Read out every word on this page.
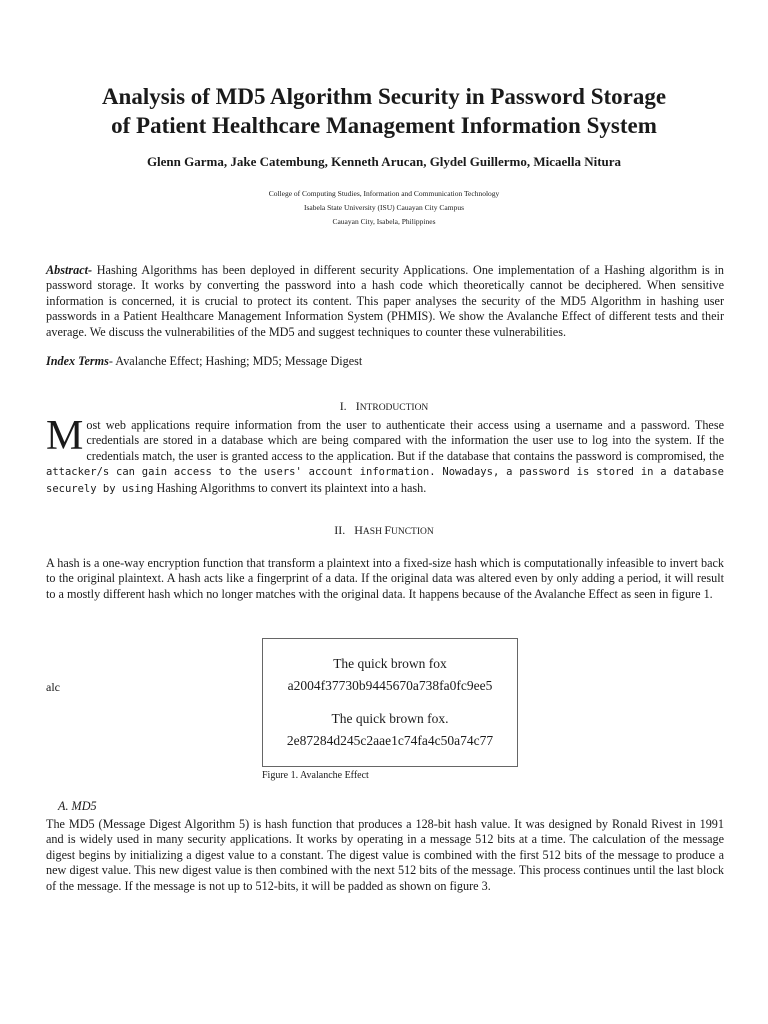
Analysis of MD5 Algorithm Security in Password Storage
of Patient Healthcare Management Information System
Glenn Garma, Jake Catembung, Kenneth Arucan, Glydel Guillermo, Micaella Nitura
College of Computing Studies, Information and Communication Technology
Isabela State University (ISU) Cauayan City Campus
Cauayan City, Isabela, Philippines
Abstract- Hashing Algorithms has been deployed in different security Applications. One implementation of a Hashing algorithm is in password storage. It works by converting the password into a hash code which theoretically cannot be deciphered. When sensitive information is concerned, it is crucial to protect its content. This paper analyses the security of the MD5 Algorithm in hashing user passwords in a Patient Healthcare Management Information System (PHMIS). We show the Avalanche Effect of different tests and their average. We discuss the vulnerabilities of the MD5 and suggest techniques to counter these vulnerabilities.
Index Terms- Avalanche Effect; Hashing; MD5; Message Digest
I. INTRODUCTION
Most web applications require information from the user to authenticate their access using a username and a password. These credentials are stored in a database which are being compared with the information the user use to log into the system. If the credentials match, the user is granted access to the application. But if the database that contains the password is compromised, the attacker/s can gain access to the users' account information. Nowadays, a password is stored in a database securely by using Hashing Algorithms to convert its plaintext into a hash.
II. HASH FUNCTION
A hash is a one-way encryption function that transform a plaintext into a fixed-size hash which is computationally infeasible to invert back to the original plaintext. A hash acts like a fingerprint of a data. If the original data was altered even by only adding a period, it will result to a mostly different hash which no longer matches with the original data. It happens because of the Avalanche Effect as seen in figure 1.
alc
The quick brown fox
a2004f37730b9445670a738fa0fc9ee5
The quick brown fox.
2e87284d245c2aae1c74fa4c50a74c77
Figure 1. Avalanche Effect
A. MD5
The MD5 (Message Digest Algorithm 5) is hash function that produces a 128-bit hash value. It was designed by Ronald Rivest in 1991 and is widely used in many security applications. It works by operating in a message 512 bits at a time. The calculation of the message digest begins by initializing a digest value to a constant. The digest value is combined with the first 512 bits of the message to produce a new digest value. This new digest value is then combined with the next 512 bits of the message. This process continues until the last block of the message. If the message is not up to 512-bits, it will be padded as shown on figure 3.
